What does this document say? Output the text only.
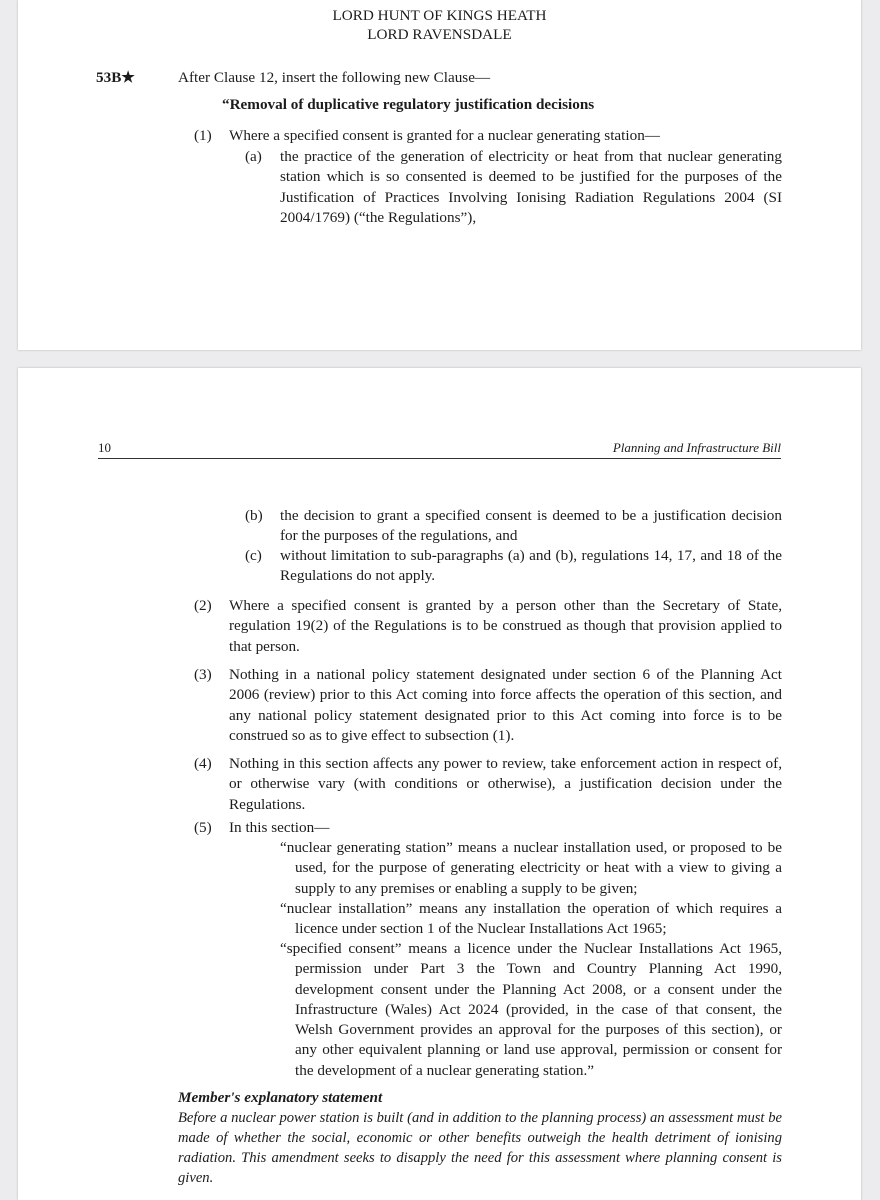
LORD HUNT OF KINGS HEATH
LORD RAVENSDALE
53B★	After Clause 12, insert the following new Clause—
“Removal of duplicative regulatory justification decisions
(1) Where a specified consent is granted for a nuclear generating station—
(a) the practice of the generation of electricity or heat from that nuclear generating station which is so consented is deemed to be justified for the purposes of the Justification of Practices Involving Ionising Radiation Regulations 2004 (SI 2004/1769) (“the Regulations”),
10	Planning and Infrastructure Bill
(b) the decision to grant a specified consent is deemed to be a justification decision for the purposes of the regulations, and
(c) without limitation to sub-paragraphs (a) and (b), regulations 14, 17, and 18 of the Regulations do not apply.
(2) Where a specified consent is granted by a person other than the Secretary of State, regulation 19(2) of the Regulations is to be construed as though that provision applied to that person.
(3) Nothing in a national policy statement designated under section 6 of the Planning Act 2006 (review) prior to this Act coming into force affects the operation of this section, and any national policy statement designated prior to this Act coming into force is to be construed so as to give effect to subsection (1).
(4) Nothing in this section affects any power to review, take enforcement action in respect of, or otherwise vary (with conditions or otherwise), a justification decision under the Regulations.
(5) In this section—
“nuclear generating station” means a nuclear installation used, or proposed to be used, for the purpose of generating electricity or heat with a view to giving a supply to any premises or enabling a supply to be given;
“nuclear installation” means any installation the operation of which requires a licence under section 1 of the Nuclear Installations Act 1965;
“specified consent” means a licence under the Nuclear Installations Act 1965, permission under Part 3 the Town and Country Planning Act 1990, development consent under the Planning Act 2008, or a consent under the Infrastructure (Wales) Act 2024 (provided, in the case of that consent, the Welsh Government provides an approval for the purposes of this section), or any other equivalent planning or land use approval, permission or consent for the development of a nuclear generating station.”
Member's explanatory statement
Before a nuclear power station is built (and in addition to the planning process) an assessment must be made of whether the social, economic or other benefits outweigh the health detriment of ionising radiation. This amendment seeks to disapply the need for this assessment where planning consent is given.
